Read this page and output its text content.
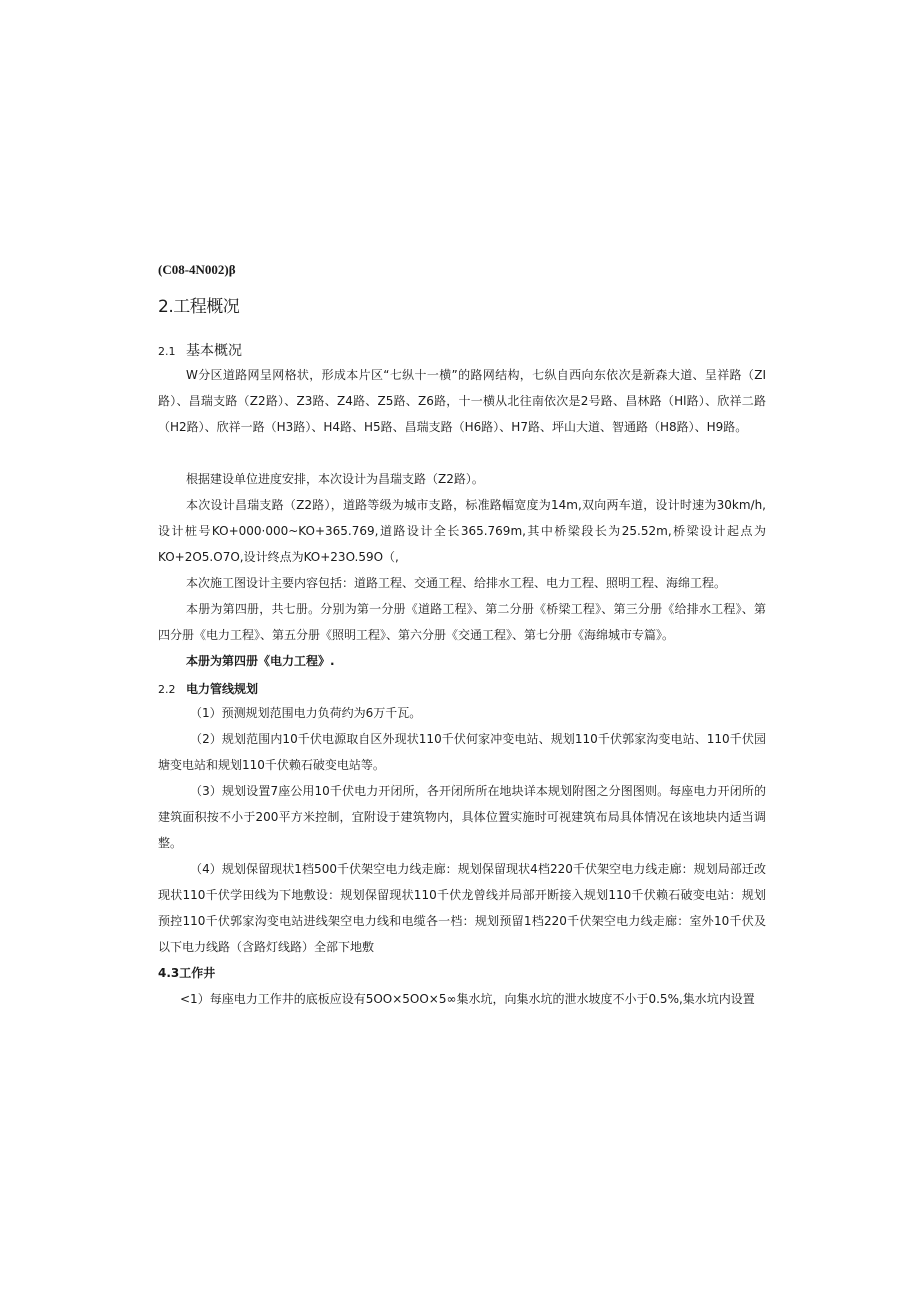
(C08-4N002)β
2.工程概况
2.1 基本概况

W分区道路网呈网格状，形成本片区“七纵十一横”的路网结构，七纵自西向东依次是新森大道、呈祥路（ZI路）、昌瑞支路（Z2路）、Z3路、Z4路、Z5路、Z6路，十一横从北往南依次是2号路、昌林路（Hl路）、欣祥二路（H2路）、欣祥一路（H3路）、H4路、H5路、昌瑞支路（H6路）、H7路、坪山大道、智通路（H8路）、H9路。

根据建设单位进度安排，本次设计为昌瑞支路（Z2路）。

本次设计昌瑞支路（Z2路），道路等级为城市支路，标准路幅宽度为14m,双向两车道，设计时速为30km∕h,设计桩号KO+000·000~KO+365.769,道路设计全长365.769m,其中桥梁段长为25.52m,桥梁设计起点为KO+2O5.O7O,设计终点为KO+23O.59O（,

本次施工图设计主要内容包括：道路工程、交通工程、给排水工程、电力工程、照明工程、海绵工程。

本册为第四册，共七册。分别为第一分册《道路工程》、第二分册《桥梁工程》、第三分册《给排水工程》、第四分册《电力工程》、第五分册《照明工程》、第六分册《交通工程》、第七分册《海绵城市专篇》。

本册为第四册《电力工程》.

2.2 电力管线规划

（1）预测规划范围电力负荷约为6万千瓦。

（2）规划范围内10千伏电源取自区外现状110千伏何家冲变电站、规划110千伏郭家沟变电站、110千伏园塘变电站和规划110千伏赖石破变电站等。

（3）规划设置7座公用10千伏电力开闭所，各开闭所所在地块详本规划附图之分图图则。每座电力开闭所的建筑面积按不小于200平方米控制，宜附设于建筑物内，具体位置实施时可视建筑布局具体情况在该地块内适当调整。

（4）规划保留现状1档500千伏架空电力线走廊：规划保留现状4档220千伏架空电力线走廊：规划局部迁改现状110千伏学田线为下地敷设：规划保留现状110千伏龙曾线并局部开断接入规划110千伏赖石破变电站：规划预控110千伏郭家沟变电站进线架空电力线和电缆各一档：规划预留1档220千伏架空电力线走廊：室外10千伏及以下电力线路（含路灯线路）全部下地敷

4.3工作井

<1）每座电力工作井的底板应设有5OO×5OO×5∞集水坑，向集水坑的泄水坡度不小于0.5%,集水坑内设置
